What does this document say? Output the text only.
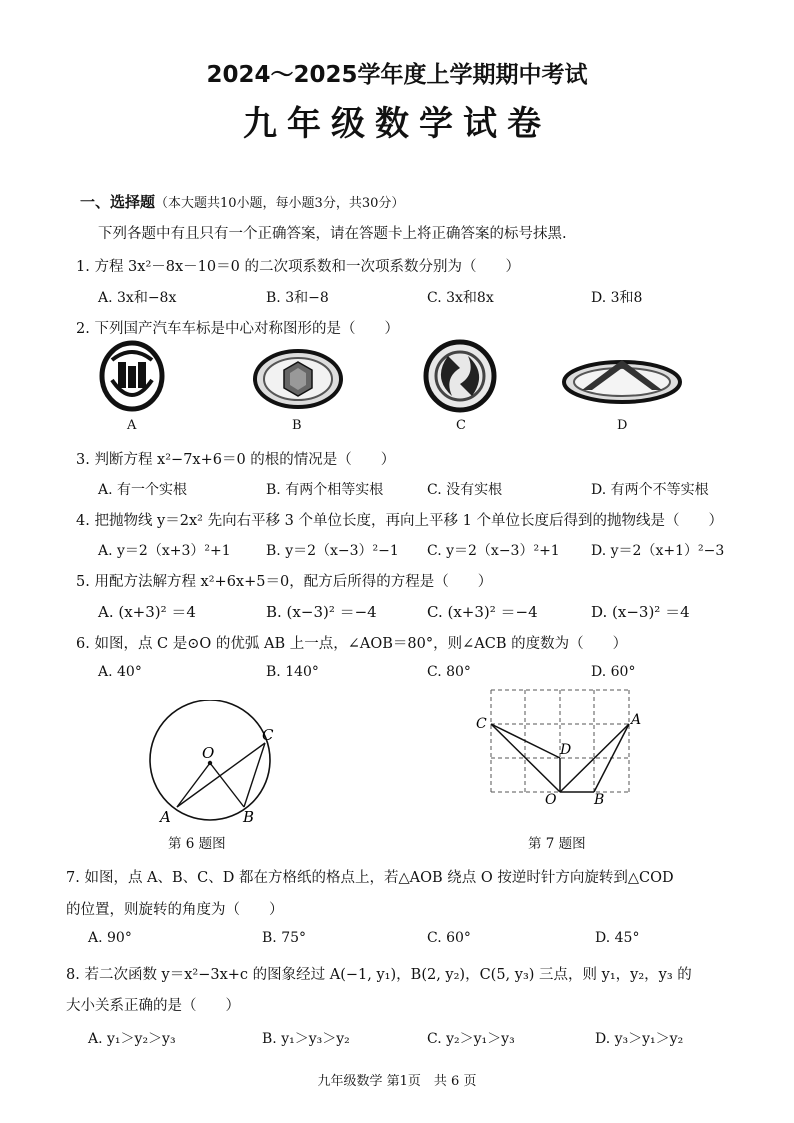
2024～2025学年度上学期期中考试
九年级数学试卷
一、选择题（本大题共10小题，每小题3分，共30分）
下列各题中有且只有一个正确答案，请在答题卡上将正确答案的标号抹黑.
1. 方程 3x²－8x－10＝0 的二次项系数和一次项系数分别为（　　）
A. 3x和−8x	B. 3和−8	C. 3x和8x	D. 3和8
2. 下列国产汽车车标是中心对称图形的是（　　）
A	B	C	D
3. 判断方程 x²−7x+6＝0 的根的情况是（　　）
A. 有一个实根	B. 有两个相等实根	C. 没有实根	D. 有两个不等实根
4. 把抛物线 y＝2x² 先向右平移 3 个单位长度，再向上平移 1 个单位长度后得到的抛物线是（　　）
A. y＝2（x+3）²+1	B. y＝2（x−3）²−1 C. y＝2（x−3）²+1 D. y＝2（x+1）²−3
5. 用配方法解方程 x²+6x+5＝0，配方后所得的方程是（　　）
A. (x+3)² ＝4	B. (x−3)² ＝−4	C. (x+3)² ＝−4	D. (x−3)² ＝4
6. 如图，点 C 是⊙O 的优弧 AB 上一点，∠AOB＝80°，则∠ACB 的度数为（　　）
A. 40°	B. 140°	C. 80°	D. 60°
O
A	B
C
第 6 题图
C	A
D
O	B
第 7 题图
7. 如图，点 A、B、C、D 都在方格纸的格点上，若△AOB 绕点 O 按逆时针方向旋转到△COD
的位置，则旋转的角度为（　　）
A. 90°	B. 75°	C. 60°	D. 45°
8. 若二次函数 y＝x²−3x+c 的图象经过 A(−1, y₁)，B(2, y₂)，C(5, y₃) 三点，则 y₁，y₂，y₃ 的
大小关系正确的是（　　）
A. y₁＞y₂＞y₃	B. y₁＞y₃＞y₂	C. y₂＞y₁＞y₃	D. y₃＞y₁＞y₂
九年级数学 第1页　共 6 页
